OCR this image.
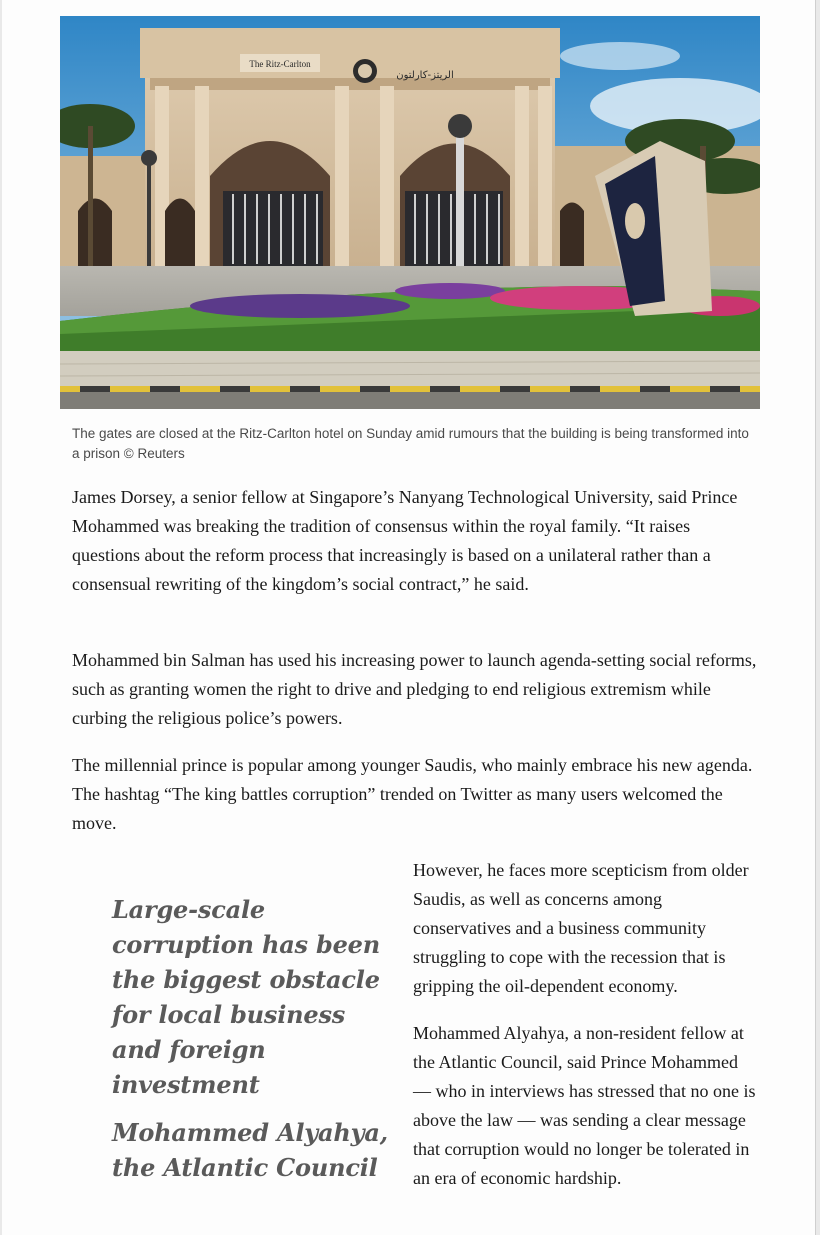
The Ritz-Carlton
الريتز-كارلتون
The gates are closed at the Ritz-Carlton hotel on Sunday amid rumours that the building is being transformed into a prison © Reuters

James Dorsey, a senior fellow at Singapore’s Nanyang Technological University, said Prince Mohammed was breaking the tradition of consensus within the royal family. “It raises questions about the reform process that increasingly is based on a unilateral rather than a consensual rewriting of the kingdom’s social contract,” he said.

Mohammed bin Salman has used his increasing power to launch agenda-setting social reforms, such as granting women the right to drive and pledging to end religious extremism while curbing the religious police’s powers.

The millennial prince is popular among younger Saudis, who mainly embrace his new agenda. The hashtag “The king battles corruption” trended on Twitter as many users welcomed the move.

Large-scale corruption has been the biggest obstacle for local business and foreign investment

Mohammed Alyahya, the Atlantic Council

However, he faces more scepticism from older Saudis, as well as concerns among conservatives and a business community struggling to cope with the recession that is gripping the oil-dependent economy.

Mohammed Alyahya, a non-resident fellow at the Atlantic Council, said Prince Mohammed — who in interviews has stressed that no one is above the law — was sending a clear message that corruption would no longer be tolerated in an era of economic hardship.
